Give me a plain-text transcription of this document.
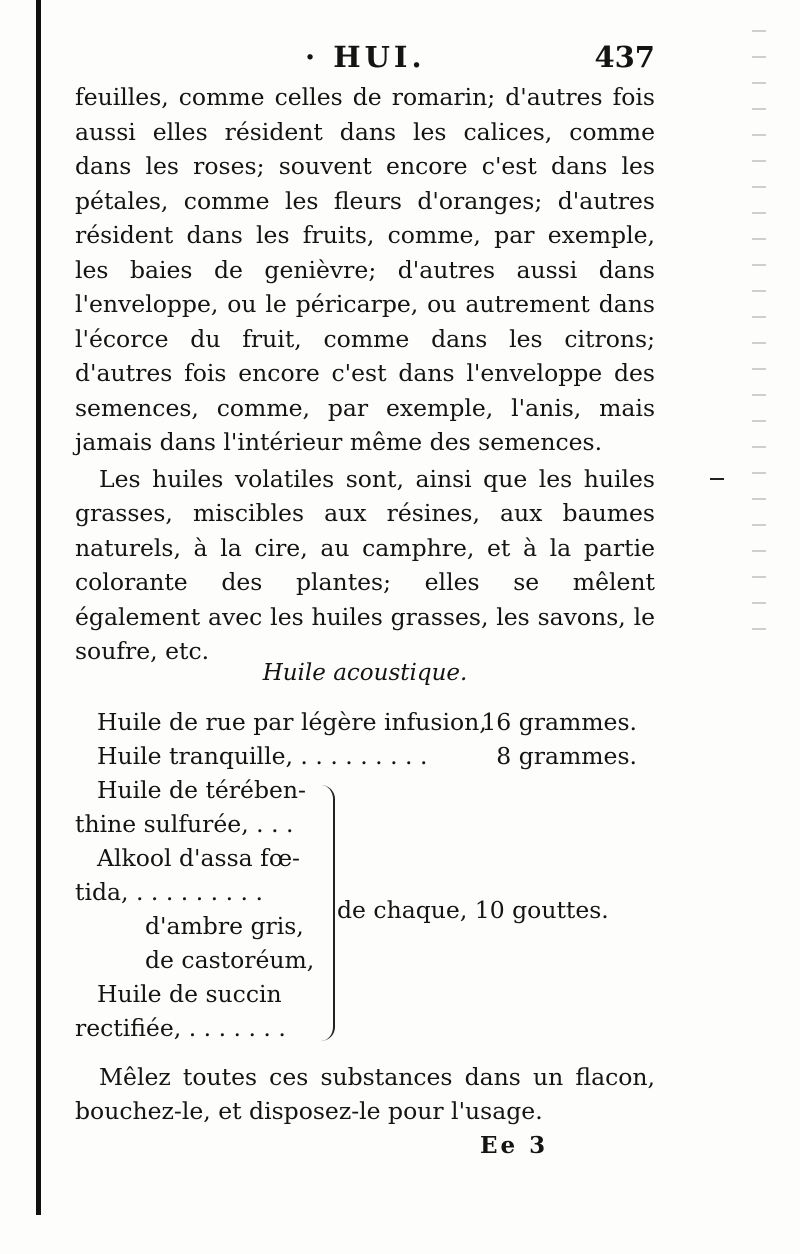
· HUI.	437

feuilles, comme celles de romarin; d'autres fois aussi elles résident dans les calices, comme dans les roses; souvent encore c'est dans les pétales, comme les fleurs d'oranges; d'autres résident dans les fruits, comme, par exemple, les baies de genièvre; d'autres aussi dans l'enveloppe, ou le péricarpe, ou autrement dans l'écorce du fruit, comme dans les citrons; d'autres fois encore c'est dans l'enveloppe des semences, comme, par exemple, l'anis, mais jamais dans l'intérieur même des semences.

Les huiles volatiles sont, ainsi que les huiles grasses, miscibles aux résines, aux baumes naturels, à la cire, au camphre, et à la partie colorante des plantes; elles se mêlent également avec les huiles grasses, les savons, le soufre, etc.

Huile acoustique.
Huile de rue par légère infusion,
16 grammes.
Huile tranquille, . . . . . . . . .	8 grammes.
Huile de térében-
thine sulfurée, . . .
Alkool d'assa fœ-
tida, . . . . . . . . .
d'ambre gris,
de castoréum,
Huile de succin
rectifiée, . . . . . . .
de chaque, 10 gouttes.
Mêlez toutes ces substances dans un flacon,
bouchez-le, et disposez-le pour l'usage.
Ee 3
